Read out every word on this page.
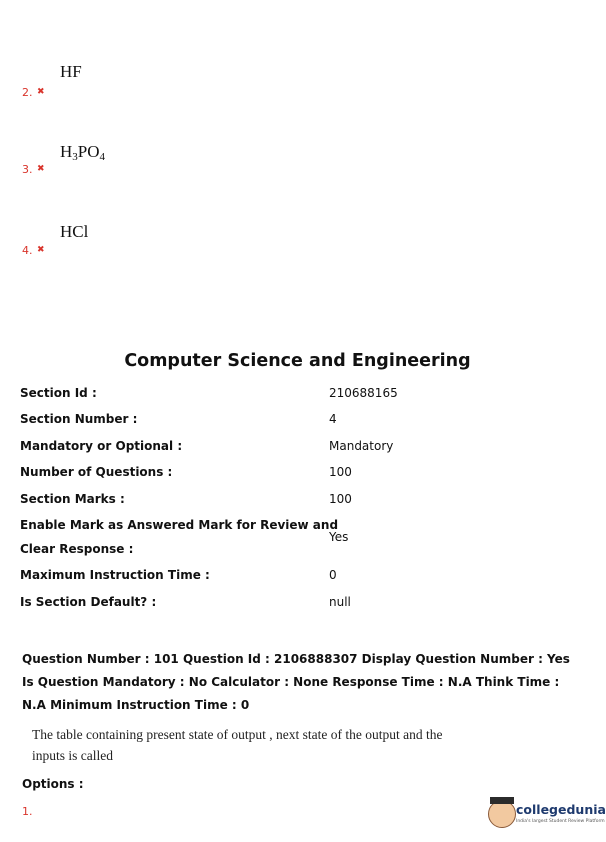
HF
2. ✖
$H_3PO_4$
3. ✖
HCl
4. ✖
Computer Science and Engineering
Section Id :	210688165
Section Number :	4
Mandatory or Optional :	Mandatory
Number of Questions :	100
Section Marks :	100
Enable Mark as Answered Mark for Review and
Clear Response :
Yes
Maximum Instruction Time :	0
Is Section Default? :	null
Question Number : 101 Question Id : 2106888307 Display Question Number : Yes Is Question Mandatory : No Calculator : None Response Time : N.A Think Time : N.A Minimum Instruction Time : 0
The table containing present state of output , next state of the output and the inputs is called
Options :
1.	collegedunia
India's largest Student Review Platform
